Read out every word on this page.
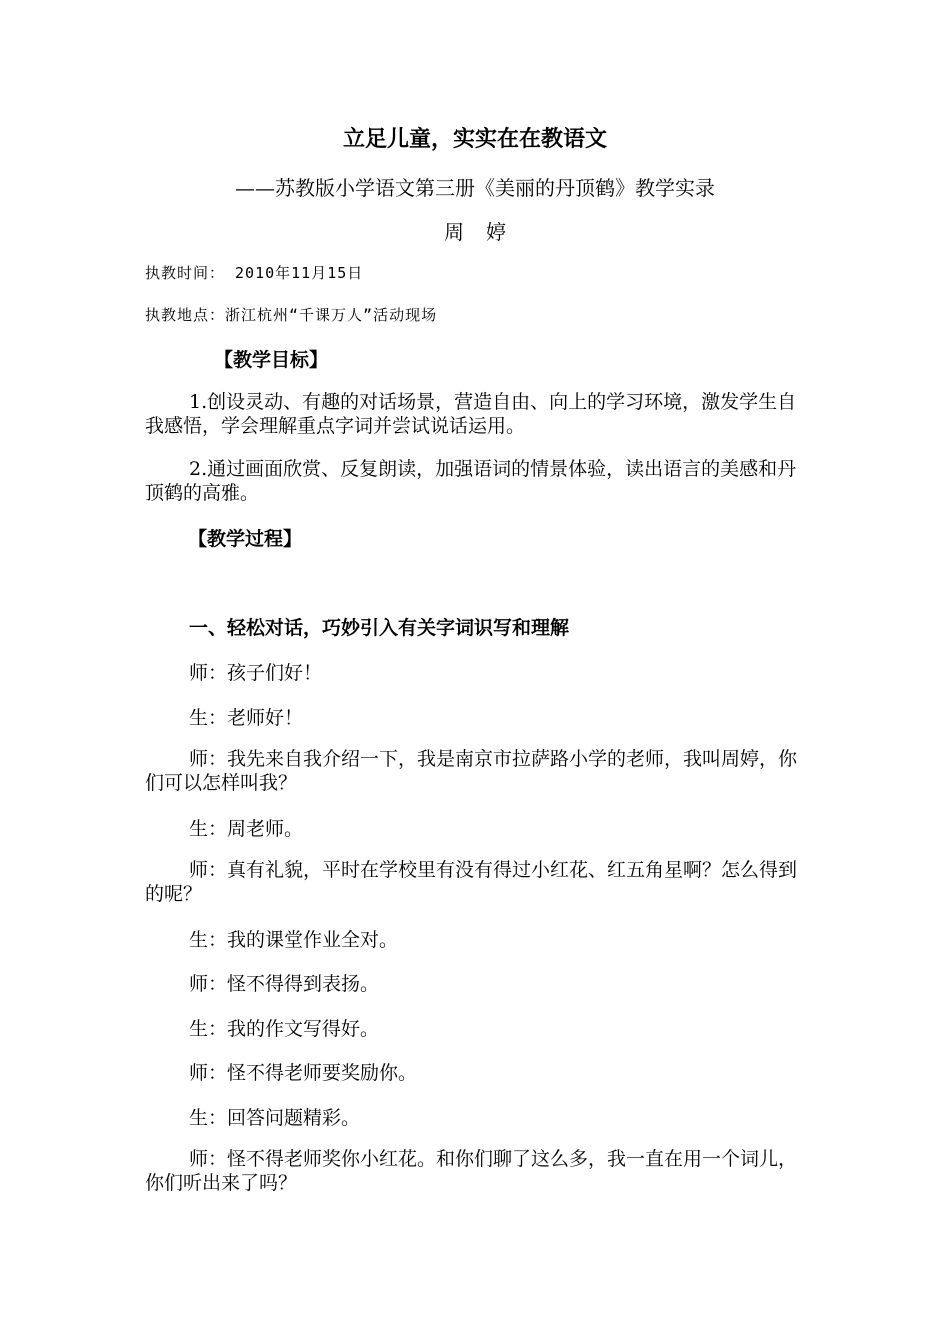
立足儿童，实实在在教语文
——苏教版小学语文第三册《美丽的丹顶鹤》教学实录
周婷
执教时间： 2010年11月15日
执教地点：浙江杭州“千课万人”活动现场
【教学目标】
1.创设灵动、有趣的对话场景，营造自由、向上的学习环境，激发学生自我感悟，学会理解重点字词并尝试说话运用。
2.通过画面欣赏、反复朗读，加强语词的情景体验，读出语言的美感和丹顶鹤的高雅。
【教学过程】
一、轻松对话，巧妙引入有关字词识写和理解
师：孩子们好！
生：老师好！
师：我先来自我介绍一下，我是南京市拉萨路小学的老师，我叫周婷，你们可以怎样叫我？
生：周老师。
师：真有礼貌，平时在学校里有没有得过小红花、红五角星啊？怎么得到的呢？
生：我的课堂作业全对。
师：怪不得得到表扬。
生：我的作文写得好。
师：怪不得老师要奖励你。
生：回答问题精彩。
师：怪不得老师奖你小红花。和你们聊了这么多，我一直在用一个词儿，你们听出来了吗？
